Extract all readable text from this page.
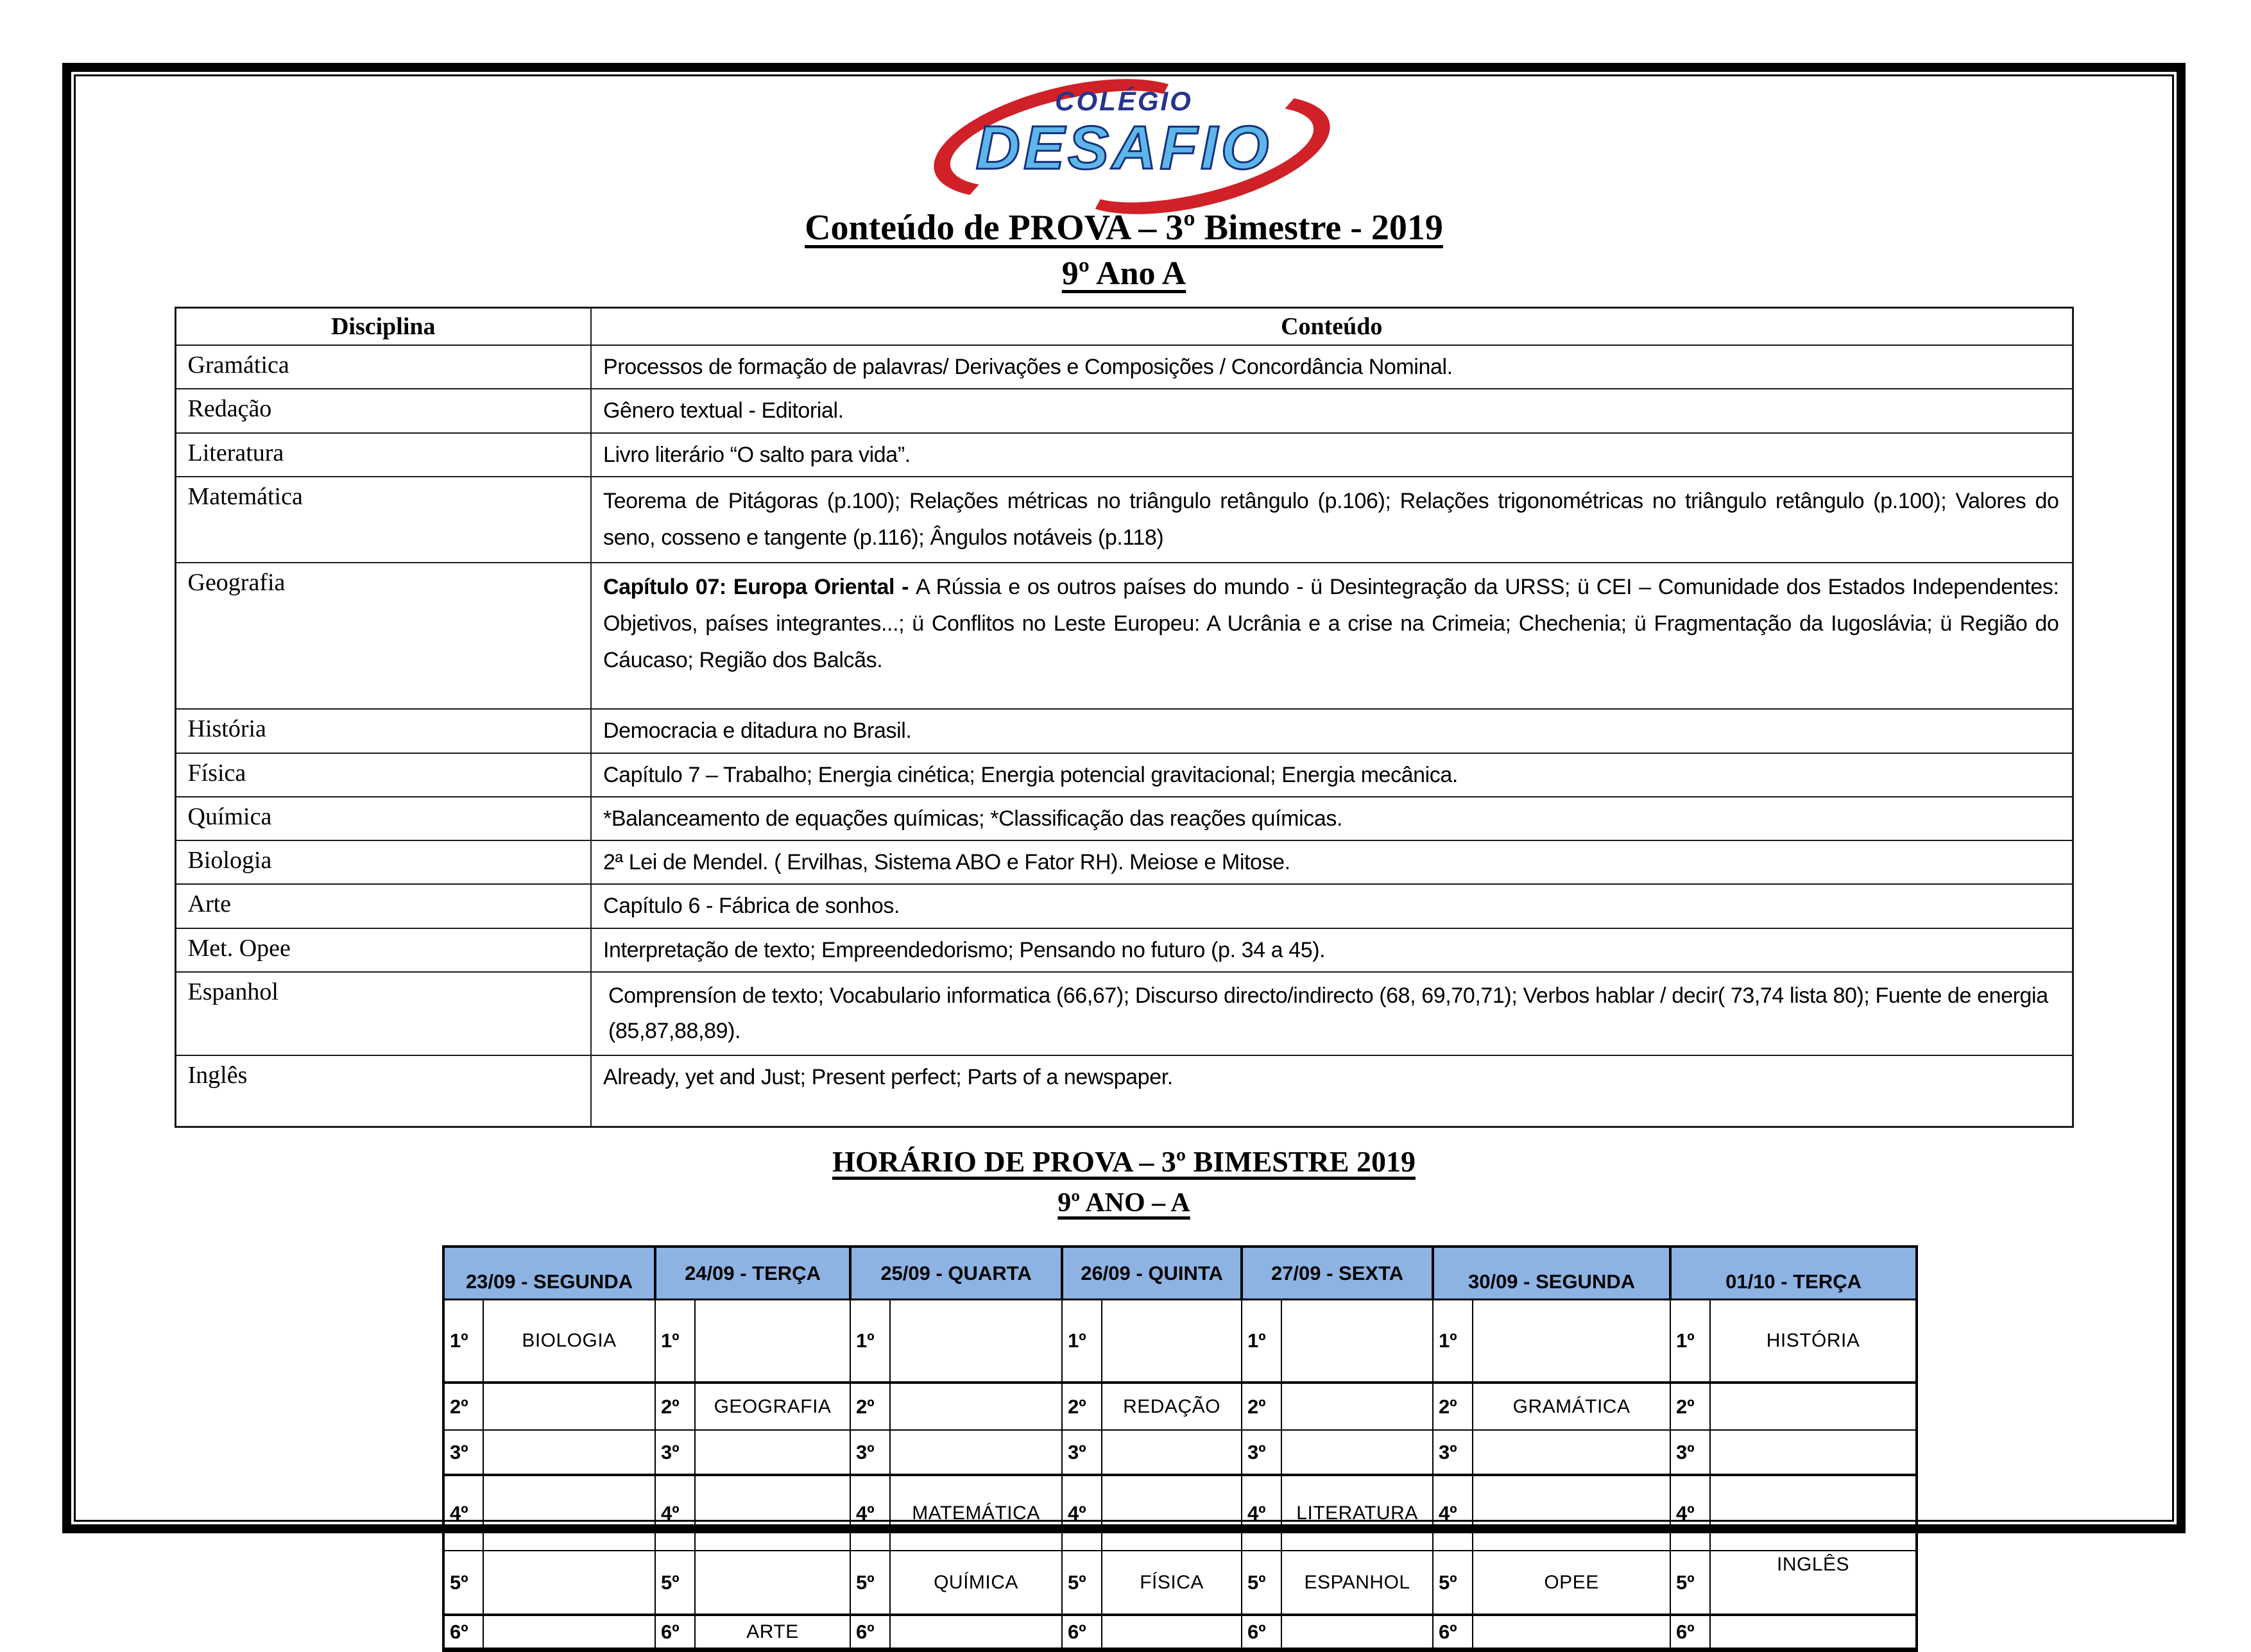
COLÉGIO
DESAFIO
Conteúdo de PROVA – 3º Bimestre - 2019
9º Ano A
Disciplina	Conteúdo
Gramática	Processos de formação de palavras/ Derivações e Composições / Concordância Nominal.
Redação	Gênero textual - Editorial.
Literatura	Livro literário “O salto para vida”.
Matemática	Teorema de Pitágoras (p.100); Relações métricas no triângulo retângulo (p.106); Relações trigonométricas no triângulo retângulo (p.100); Valores do seno, cosseno e tangente (p.116); Ângulos notáveis (p.118)
Geografia	Capítulo 07: Europa Oriental - A Rússia e os outros países do mundo - ü Desintegração da URSS; ü CEI – Comunidade dos Estados Independentes: Objetivos, países integrantes...; ü Conflitos no Leste Europeu: A Ucrânia e a crise na Crimeia; Chechenia; ü Fragmentação da Iugoslávia; ü Região do Cáucaso; Região dos Balcãs.
História	Democracia e ditadura no Brasil.
Física	Capítulo 7 – Trabalho; Energia cinética; Energia potencial gravitacional; Energia mecânica.
Química	*Balanceamento de equações químicas; *Classificação das reações químicas.
Biologia	2ª Lei de Mendel. ( Ervilhas, Sistema ABO e Fator RH). Meiose e Mitose.
Arte	Capítulo 6 - Fábrica de sonhos.
Met. Opee	Interpretação de texto; Empreendedorismo; Pensando no futuro (p. 34 a 45).
Espanhol	Comprensíon de texto; Vocabulario informatica (66,67); Discurso directo/indirecto (68, 69,70,71); Verbos hablar / decir( 73,74 lista 80); Fuente de energia (85,87,88,89).
Inglês	Already, yet and Just; Present perfect; Parts of a newspaper.
HORÁRIO DE PROVA – 3º BIMESTRE 2019
9º ANO – A
23/09 - SEGUNDA		24/09 - TERÇA		25/09 - QUARTA		26/09 - QUINTA		27/09 - SEXTA		30/09 - SEGUNDA		01/10 - TERÇA	
1º	BIOLOGIA	1º		1º		1º		1º		1º		1º	HISTÓRIA
2º		2º	GEOGRAFIA	2º		2º	REDAÇÃO	2º		2º	GRAMÁTICA	2º	
3º		3º		3º		3º		3º		3º		3º	
4º		4º		4º	MATEMÁTICA	4º		4º	LITERATURA	4º		4º	
5º		5º		5º	QUÍMICA	5º	FÍSICA	5º	ESPANHOL	5º	OPEE	5º	INGLÊS
6º		6º	ARTE	6º		6º		6º		6º		6º	
